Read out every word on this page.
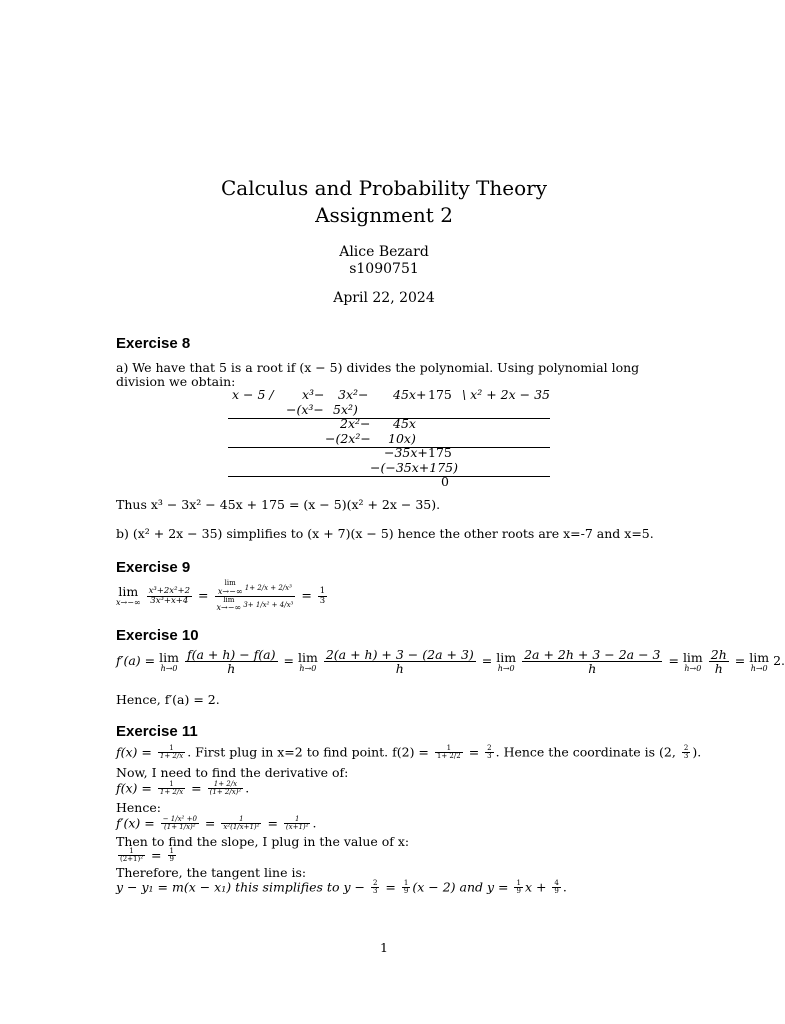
Calculus and Probability Theory
Assignment 2
Alice Bezard
s1090751
April 22, 2024
Exercise 8
a) We have that 5 is a root if (x − 5) divides the polynomial. Using polynomial long division we obtain:
x − 5 / x³− 3x²− 45x+ 175 \ x² + 2x − 35
−(x³− 5x²)
2x²− 45x
−(2x²− 10x)
−35x+ 175
−(−35x+175)
0
Thus x³ − 3x² − 45x + 175 = (x − 5)(x² + 2x − 35).
b) (x² + 2x − 35) simplifies to (x + 7)(x − 5) hence the other roots are x=-7 and x=5.
Exercise 9
lim
x→−∞
$\frac{\text{x³+2x²+2}}{\text{3x³+x+4}} = \lim$
x→−∞ 1+ 2/x + 2/x³
lim
x→−∞ $3+ 1/x^2 + 4/x^3 = \frac{1}{3}$
Exercise 10
f′(a) = lim
h→0
$\frac{f(a + h) - f(a)}{h} = \lim$
h→0
$\frac{2(a + h) + 3 - (2a + 3)}{h} = \lim$
h→0
$\frac{2a + 2h + 3 - 2a - 3}{h} = \lim$
h→0
$\frac{2h}{h} = \lim$
h→0 2.
Hence, f′(a) = 2.
Exercise 11
$f(x) = \frac{1}{1+ 2/x}$ . First plug in x=2 to find point. $f(2) = \frac{1}{1+ 2/2} = \frac{2}{3}$ . Hence the coordinate is (2, $\frac{2}{3}$ ).
Now, I need to find the derivative of:
$f(x) = \frac{1}{1+ 2/x} = \frac{1+ 2/x}{\text{(1+ 2/x)²}}$ .
Hence:
$f'(x) = \frac{\text{− 1/x² +0}}{\text{(1+ 1/x)²}} = \frac{1}{\text{x²(1/x+1)²}} = \frac{1}{\text{(x+1)²}}$ .
Then to find the slope, I plug in the value of x:
$\frac{1}{\text{(2+1)²}} = \frac{1}{9}$
Therefore, the tangent line is:
y − y₁ = m(x − x₁) this simplifies to $y - \frac{2}{3} = \frac{1}{9} (x - 2)$ and $y = \frac{1}{9}$ $x + \frac{4}{9}$ .
1
